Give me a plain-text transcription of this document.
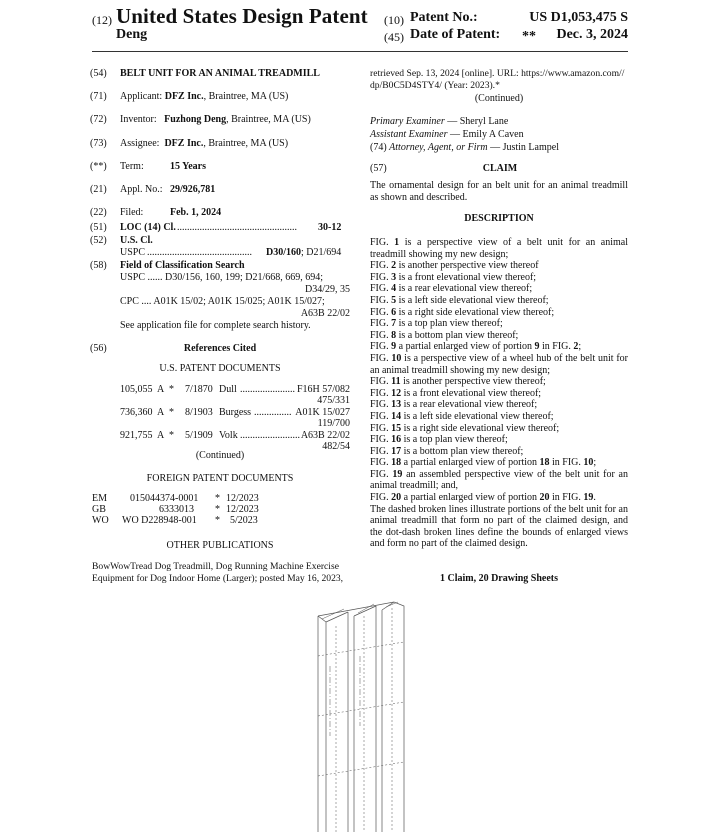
(12) United States Design Patent
Deng
(10) Patent No.:	US D1,053,475 S
(45) Date of Patent: **	Dec. 3, 2024
(54) BELT UNIT FOR AN ANIMAL TREADMILL
(71) Applicant: DFZ Inc., Braintree, MA (US)
(72) Inventor: Fuzhong Deng, Braintree, MA (US)
(73) Assignee: DFZ Inc., Braintree, MA (US)
(**) Term:	15 Years
(21) Appl. No.: 29/926,781
(22) Filed:	Feb. 1, 2024
(51) LOC (14) Cl. ................................................ 30-12
(52) U.S. Cl.
USPC .......................................... D30/160; D21/694
(58) Field of Classification Search
USPC ...... D30/156, 160, 199; D21/668, 669, 694;
D34/29, 35
CPC .... A01K 15/02; A01K 15/025; A01K 15/027;
A63B 22/02
See application file for complete search history.
(56)	References Cited
U.S. PATENT DOCUMENTS
105,055 A * 7/1870 Dull ...................... F16H 57/082
475/331
736,360 A * 8/1903 Burgess ............... A01K 15/027
119/700
921,755 A * 5/1909 Volk ........................ A63B 22/02
482/54
(Continued)
FOREIGN PATENT DOCUMENTS
EM 015044374-0001 * 12/2023
GB	6333013 * 12/2023
WO WO D228948-001 * 5/2023
OTHER PUBLICATIONS
BowWowTread Dog Treadmill, Dog Running Machine Exercise
Equipment for Dog Indoor Home (Larger); posted May 16, 2023,
retrieved Sep. 13, 2024 [online]. URL: https://www.amazon.com//
dp/B0C5D4STY4/ (Year: 2023).*
(Continued)
Primary Examiner — Sheryl Lane
Assistant Examiner — Emily A Caven
(74) Attorney, Agent, or Firm — Justin Lampel
(57)	CLAIM
The ornamental design for an belt unit for an animal treadmill as shown and described.
DESCRIPTION

FIG. 1 is a perspective view of a belt unit for an animal treadmill showing my new design;

FIG. 2 is another perspective view thereof

FIG. 3 is a front elevational view thereof;

FIG. 4 is a rear elevational view thereof;

FIG. 5 is a left side elevational view thereof;

FIG. 6 is a right side elevational view thereof;

FIG. 7 is a top plan view thereof;

FIG. 8 is a bottom plan view thereof;

FIG. 9 a partial enlarged view of portion 9 in FIG. 2;

FIG. 10 is a perspective view of a wheel hub of the belt unit for an animal treadmill showing my new design;

FIG. 11 is another perspective view thereof;

FIG. 12 is a front elevational view thereof;

FIG. 13 is a rear elevational view thereof;

FIG. 14 is a left side elevational view thereof;

FIG. 15 is a right side elevational view thereof;

FIG. 16 is a top plan view thereof;

FIG. 17 is a bottom plan view thereof;

FIG. 18 a partial enlarged view of portion 18 in FIG. 10;

FIG. 19 an assembled perspective view of the belt unit for an animal treadmill; and,

FIG. 20 a partial enlarged view of portion 20 in FIG. 19.

The dashed broken lines illustrate portions of the belt unit for an animal treadmill that form no part of the claimed design, and the dot-dash broken lines define the bounds of enlarged views and form no part of the claimed design.

1 Claim, 20 Drawing Sheets
